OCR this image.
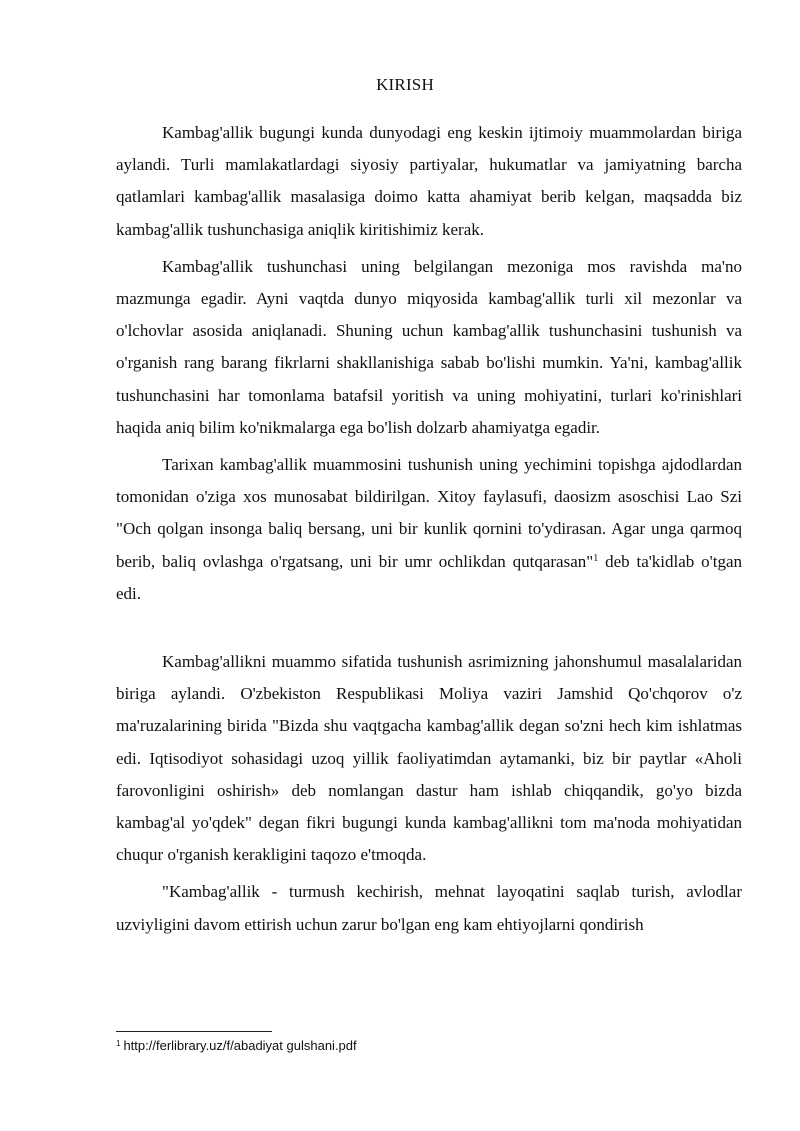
KIRISH

Kambag'allik bugungi kunda dunyodagi eng keskin ijtimoiy muammolardan biriga aylandi. Turli mamlakatlardagi siyosiy partiyalar, hukumatlar va jamiyatning barcha qatlamlari kambag'allik masalasiga doimo katta ahamiyat berib kelgan, maqsadda biz kambag'allik tushunchasiga aniqlik kiritishimiz kerak.

Kambag'allik tushunchasi uning belgilangan mezoniga mos ravishda ma'no mazmunga egadir. Ayni vaqtda dunyo miqyosida kambag'allik turli xil mezonlar va o'lchovlar asosida aniqlanadi. Shuning uchun kambag'allik tushunchasini tushunish va o'rganish rang barang fikrlarni shakllanishiga sabab bo'lishi mumkin. Ya'ni, kambag'allik tushunchasini har tomonlama batafsil yoritish va uning mohiyatini, turlari ko'rinishlari haqida aniq bilim ko'nikmalarga ega bo'lish dolzarb ahamiyatga egadir.

Tarixan kambag'allik muammosini tushunish uning yechimini topishga ajdodlardan tomonidan o'ziga xos munosabat bildirilgan. Xitoy faylasufi, daosizm asoschisi Lao Szi "Och qolgan insonga baliq bersang, uni bir kunlik qornini to'ydirasan. Agar unga qarmoq berib, baliq ovlashga o'rgatsang, uni bir umr ochlikdan qutqarasan"$^1$ deb ta'kidlab o'tgan edi.

Kambag'allikni muammo sifatida tushunish asrimizning jahonshumul masalalaridan biriga aylandi. O'zbekiston Respublikasi Moliya vaziri Jamshid Qo'chqorov o'z ma'ruzalarining birida "Bizda shu vaqtgacha kambag'allik degan so'zni hech kim ishlatmas edi. Iqtisodiyot sohasidagi uzoq yillik faoliyatimdan aytamanki, biz bir paytlar «Aholi farovonligini oshirish» deb nomlangan dastur ham ishlab chiqqandik, go'yo bizda kambag'al yo'qdek" degan fikri bugungi kunda kambag'allikni tom ma'noda mohiyatidan chuqur o'rganish kerakligini taqozo e'tmoqda.

"Kambag'allik - turmush kechirish, mehnat layoqatini saqlab turish, avlodlar uzviyligini davom ettirish uchun zarur bo'lgan eng kam ehtiyojlarni qondirish

$^1$ http://ferlibrary.uz/f/abadiyat gulshani.pdf
